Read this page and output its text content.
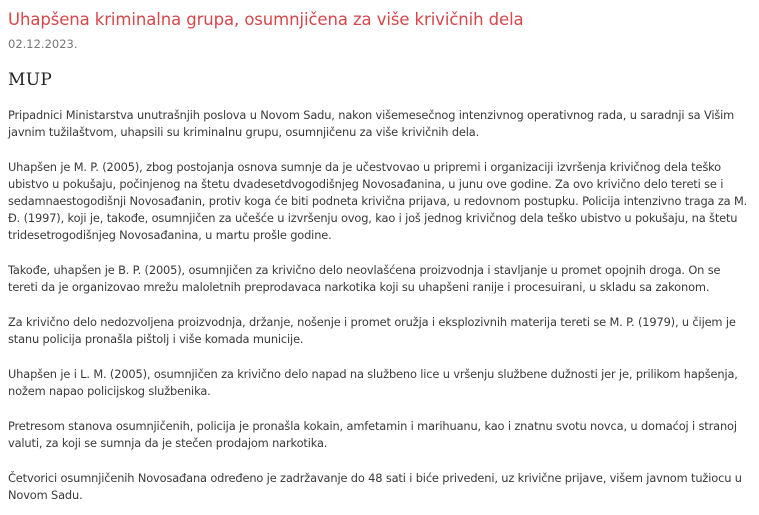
Uhapšena kriminalna grupa, osumnjičena za više krivičnih dela
02.12.2023.
MUP

Pripadnici Ministarstva unutrašnjih poslova u Novom Sadu, nakon višemesečnog intenzivnog operativnog rada, u saradnji sa Višim javnim tužilaštvom, uhapsili su kriminalnu grupu, osumnjičenu za više krivičnih dela.

Uhapšen je M. P. (2005), zbog postojanja osnova sumnje da je učestvovao u pripremi i organizaciji izvršenja krivičnog dela teško ubistvo u pokušaju, počinjenog na štetu dvadesetdvogodišnjeg Novosađanina, u junu ove godine. Za ovo krivično delo tereti se i sedamnaestogodišnji Novosađanin, protiv koga će biti podneta krivična prijava, u redovnom postupku. Policija intenzivno traga za M. Đ. (1997), koji je, takođe, osumnjičen za učešće u izvršenju ovog, kao i još jednog krivičnog dela teško ubistvo u pokušaju, na štetu tridesetrogodišnjeg Novosađanina, u martu prošle godine.

Takođe, uhapšen je B. P. (2005), osumnjičen za krivično delo neovlašćena proizvodnja i stavljanje u promet opojnih droga. On se tereti da je organizovao mrežu maloletnih preprodavaca narkotika koji su uhapšeni ranije i procesuirani, u skladu sa zakonom.

Za krivično delo nedozvoljena proizvodnja, držanje, nošenje i promet oružja i eksplozivnih materija tereti se M. P. (1979), u čijem je stanu policija pronašla pištolj i više komada municije.

Uhapšen je i L. M. (2005), osumnjičen za krivično delo napad na službeno lice u vršenju službene dužnosti jer je, prilikom hapšenja, nožem napao policijskog službenika.

Pretresom stanova osumnjičenih, policija je pronašla kokain, amfetamin i marihuanu, kao i znatnu svotu novca, u domaćoj i stranoj valuti, za koji se sumnja da je stečen prodajom narkotika.

Četvorici osumnjičenih Novosađana određeno je zadržavanje do 48 sati i biće privedeni, uz krivične prijave, višem javnom tužiocu u Novom Sadu.
